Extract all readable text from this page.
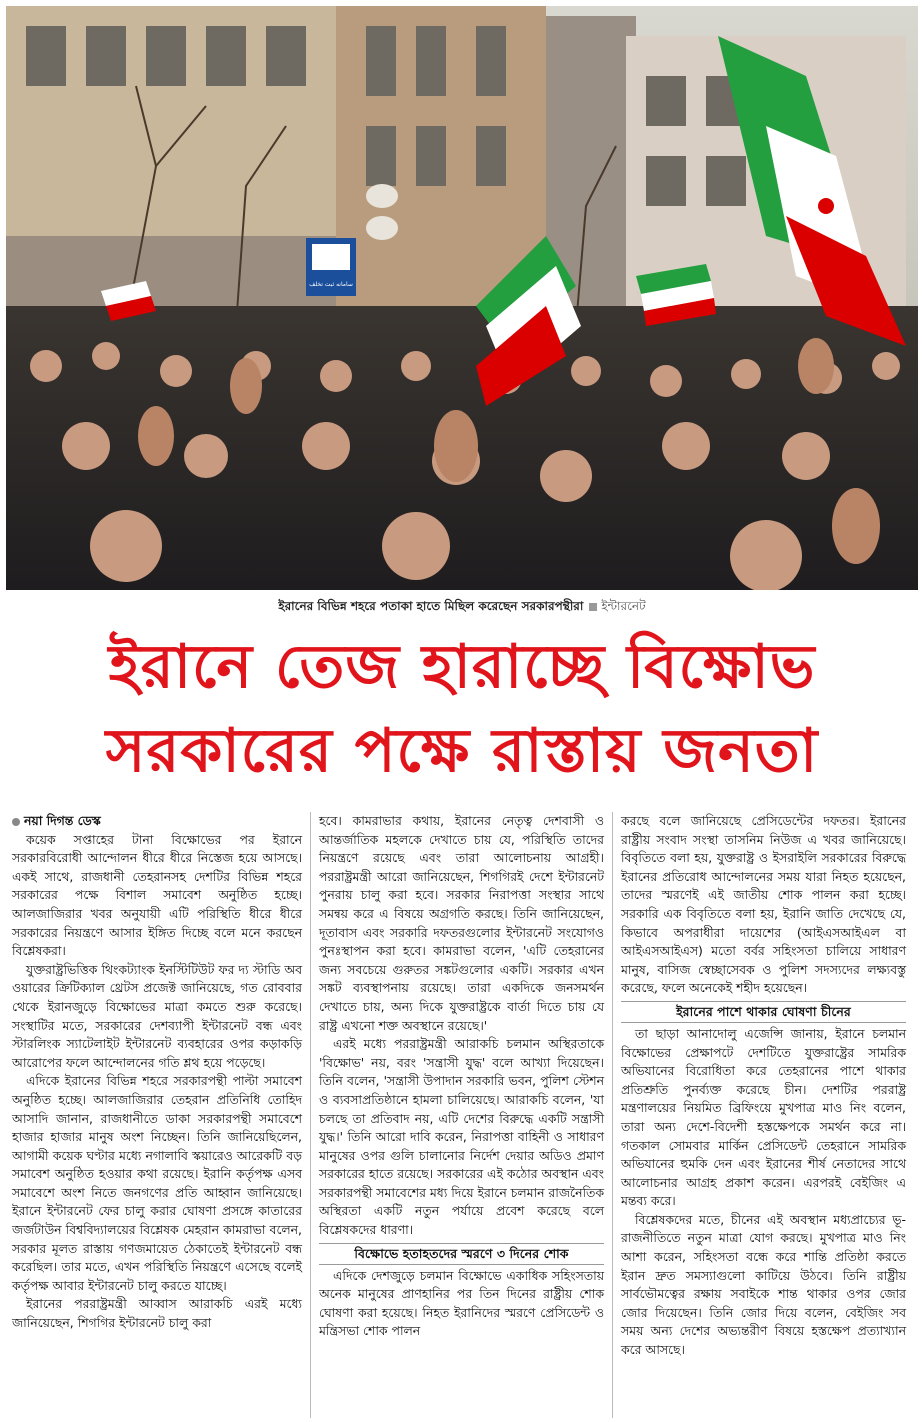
سامانه ثبت تخلف
ইরানের বিভিন্ন শহরে পতাকা হাতে মিছিল করেছেন সরকারপন্থীরা ইন্টারনেট
ইরানে তেজ হারাচ্ছে বিক্ষোভ
সরকারের পক্ষে রাস্তায় জনতা
নয়া দিগন্ত ডেস্ক

কয়েক সপ্তাহের টানা বিক্ষোভের পর ইরানে সরকারবিরোধী আন্দোলন ধীরে ধীরে নিস্তেজ হয়ে আসছে। একই সাথে, রাজধানী তেহরানসহ দেশটির বিভিন্ন শহরে সরকারের পক্ষে বিশাল সমাবেশ অনুষ্ঠিত হচ্ছে। আলজাজিরার খবর অনুযায়ী এটি পরিস্থিতি ধীরে ধীরে সরকারের নিয়ন্ত্রণে আসার ইঙ্গিত দিচ্ছে বলে মনে করছেন বিশ্লেষকরা।

যুক্তরাষ্ট্রভিত্তিক থিংকট্যাংক ইনস্টিটিউট ফর দ্য স্টাডি অব ওয়ারের ক্রিটিক্যাল থ্রেটস প্রজেক্ট জানিয়েছে, গত রোববার থেকে ইরানজুড়ে বিক্ষোভের মাত্রা কমতে শুরু করেছে। সংস্থাটির মতে, সরকারের দেশব্যাপী ইন্টারনেট বন্ধ এবং স্টারলিংক স্যাটেলাইট ইন্টারনেট ব্যবহারের ওপর কড়াকড়ি আরোপের ফলে আন্দোলনের গতি শ্লথ হয়ে পড়েছে।

এদিকে ইরানের বিভিন্ন শহরে সরকারপন্থী পাল্টা সমাবেশ অনুষ্ঠিত হচ্ছে। আলজাজিরার তেহরান প্রতিনিধি তোহিদ আসাদি জানান, রাজধানীতে ডাকা সরকারপন্থী সমাবেশে হাজার হাজার মানুষ অংশ নিচ্ছেন। তিনি জানিয়েছিলেন, আগামী কয়েক ঘণ্টার মধ্যে নগালাবি স্কয়ারেও আরেকটি বড় সমাবেশ অনুষ্ঠিত হওয়ার কথা রয়েছে। ইরানি কর্তৃপক্ষ এসব সমাবেশে অংশ নিতে জনগণের প্রতি আহ্বান জানিয়েছে। ইরানে ইন্টারনেট ফের চালু করার ঘোষণা প্রসঙ্গে কাতারের জর্জটাউন বিশ্ববিদ্যালয়ের বিশ্লেষক মেহরান কামরাভা বলেন, সরকার মূলত রাস্তায় গণজমায়েত ঠেকাতেই ইন্টারনেট বন্ধ করেছিল। তার মতে, এখন পরিস্থিতি নিয়ন্ত্রণে এসেছে বলেই কর্তৃপক্ষ আবার ইন্টারনেট চালু করতে যাচ্ছে।

ইরানের পররাষ্ট্রমন্ত্রী আব্বাস আরাকচি এরই মধ্যে জানিয়েছেন, শিগগির ইন্টারনেট চালু করা

হবে। কামরাভার কথায়, ইরানের নেতৃত্ব দেশবাসী ও আন্তর্জাতিক মহলকে দেখাতে চায় যে, পরিস্থিতি তাদের নিয়ন্ত্রণে রয়েছে এবং তারা আলোচনায় আগ্রহী। পররাষ্ট্রমন্ত্রী আরো জানিয়েছেন, শিগগিরই দেশে ইন্টারনেট পুনরায় চালু করা হবে। সরকার নিরাপত্তা সংস্থার সাথে সমন্বয় করে এ বিষয়ে অগ্রগতি করছে। তিনি জানিয়েছেন, দূতাবাস এবং সরকারি দফতরগুলোর ইন্টারনেট সংযোগও পুনঃস্থাপন করা হবে। কামরাভা বলেন, 'এটি তেহরানের জন্য সবচেয়ে গুরুতর সঙ্কটগুলোর একটি। সরকার এখন সঙ্কট ব্যবস্থাপনায় রয়েছে। তারা একদিকে জনসমর্থন দেখাতে চায়, অন্য দিকে যুক্তরাষ্ট্রকে বার্তা দিতে চায় যে রাষ্ট্র এখনো শক্ত অবস্থানে রয়েছে।'

এরই মধ্যে পররাষ্ট্রমন্ত্রী আরাকচি চলমান অস্থিরতাকে 'বিক্ষোভ' নয়, বরং 'সন্ত্রাসী যুদ্ধ' বলে আখ্যা দিয়েছেন। তিনি বলেন, 'সন্ত্রাসী উপাদান সরকারি ভবন, পুলিশ স্টেশন ও ব্যবসাপ্রতিষ্ঠানে হামলা চালিয়েছে। আরাকচি বলেন, 'যা চলছে তা প্রতিবাদ নয়, এটি দেশের বিরুদ্ধে একটি সন্ত্রাসী যুদ্ধ।' তিনি আরো দাবি করেন, নিরাপত্তা বাহিনী ও সাধারণ মানুষের ওপর গুলি চালানোর নির্দেশ দেয়ার অডিও প্রমাণ সরকারের হাতে রয়েছে। সরকারের এই কঠোর অবস্থান এবং সরকারপন্থী সমাবেশের মধ্য দিয়ে ইরানে চলমান রাজনৈতিক অস্থিরতা একটি নতুন পর্যায়ে প্রবেশ করেছে বলে বিশ্লেষকদের ধারণা।

বিক্ষোভে হতাহতদের স্মরণে ৩ দিনের শোক

এদিকে দেশজুড়ে চলমান বিক্ষোভে একাধিক সহিংসতায় অনেক মানুষের প্রাণহানির পর তিন দিনের রাষ্ট্রীয় শোক ঘোষণা করা হয়েছে। নিহত ইরানিদের স্মরণে প্রেসিডেন্ট ও মন্ত্রিসভা শোক পালন

করছে বলে জানিয়েছে প্রেসিডেন্টের দফতর। ইরানের রাষ্ট্রীয় সংবাদ সংস্থা তাসনিম নিউজ এ খবর জানিয়েছে। বিবৃতিতে বলা হয়, যুক্তরাষ্ট্র ও ইসরাইলি সরকারের বিরুদ্ধে ইরানের প্রতিরোধ আন্দোলনের সময় যারা নিহত হয়েছেন, তাদের স্মরণেই এই জাতীয় শোক পালন করা হচ্ছে। সরকারি এক বিবৃতিতে বলা হয়, ইরানি জাতি দেখেছে যে, কিভাবে অপরাধীরা দায়েশের (আইএসআইএল বা আইএসআইএস) মতো বর্বর সহিংসতা চালিয়ে সাধারণ মানুষ, বাসিজ স্বেচ্ছাসেবক ও পুলিশ সদস্যদের লক্ষ্যবস্তু করেছে, ফলে অনেকেই শহীদ হয়েছেন।

ইরানের পাশে থাকার ঘোষণা চীনের

তা ছাড়া আনাদোলু এজেন্সি জানায়, ইরানে চলমান বিক্ষোভের প্রেক্ষাপটে দেশটিতে যুক্তরাষ্ট্রের সামরিক অভিযানের বিরোধিতা করে তেহরানের পাশে থাকার প্রতিশ্রুতি পুনর্ব্যক্ত করেছে চীন। দেশটির পররাষ্ট্র মন্ত্রণালয়ের নিয়মিত ব্রিফিংয়ে মুখপাত্র মাও নিং বলেন, তারা অন্য দেশে-বিদেশী হস্তক্ষেপকে সমর্থন করে না। গতকাল সোমবার মার্কিন প্রেসিডেন্ট তেহরানে সামরিক অভিযানের হুমকি দেন এবং ইরানের শীর্ষ নেতাদের সাথে আলোচনার আগ্রহ প্রকাশ করেন। এরপরই বেইজিং এ মন্তব্য করে।

বিশ্লেষকদের মতে, চীনের এই অবস্থান মধ্যপ্রাচ্যের ভূ-রাজনীতিতে নতুন মাত্রা যোগ করছে। মুখপাত্র মাও নিং আশা করেন, সহিংসতা বন্ধে করে শান্তি প্রতিষ্ঠা করতে ইরান দ্রুত সমস্যাগুলো কাটিয়ে উঠবে। তিনি রাষ্ট্রীয় সার্বভৌমত্বের রক্ষায় সবাইকে শান্ত থাকার ওপর জোর জোর দিয়েছেন। তিনি জোর দিয়ে বলেন, বেইজিং সব সময় অন্য দেশের অভ্যন্তরীণ বিষয়ে হস্তক্ষেপ প্রত্যাখ্যান করে আসছে।
